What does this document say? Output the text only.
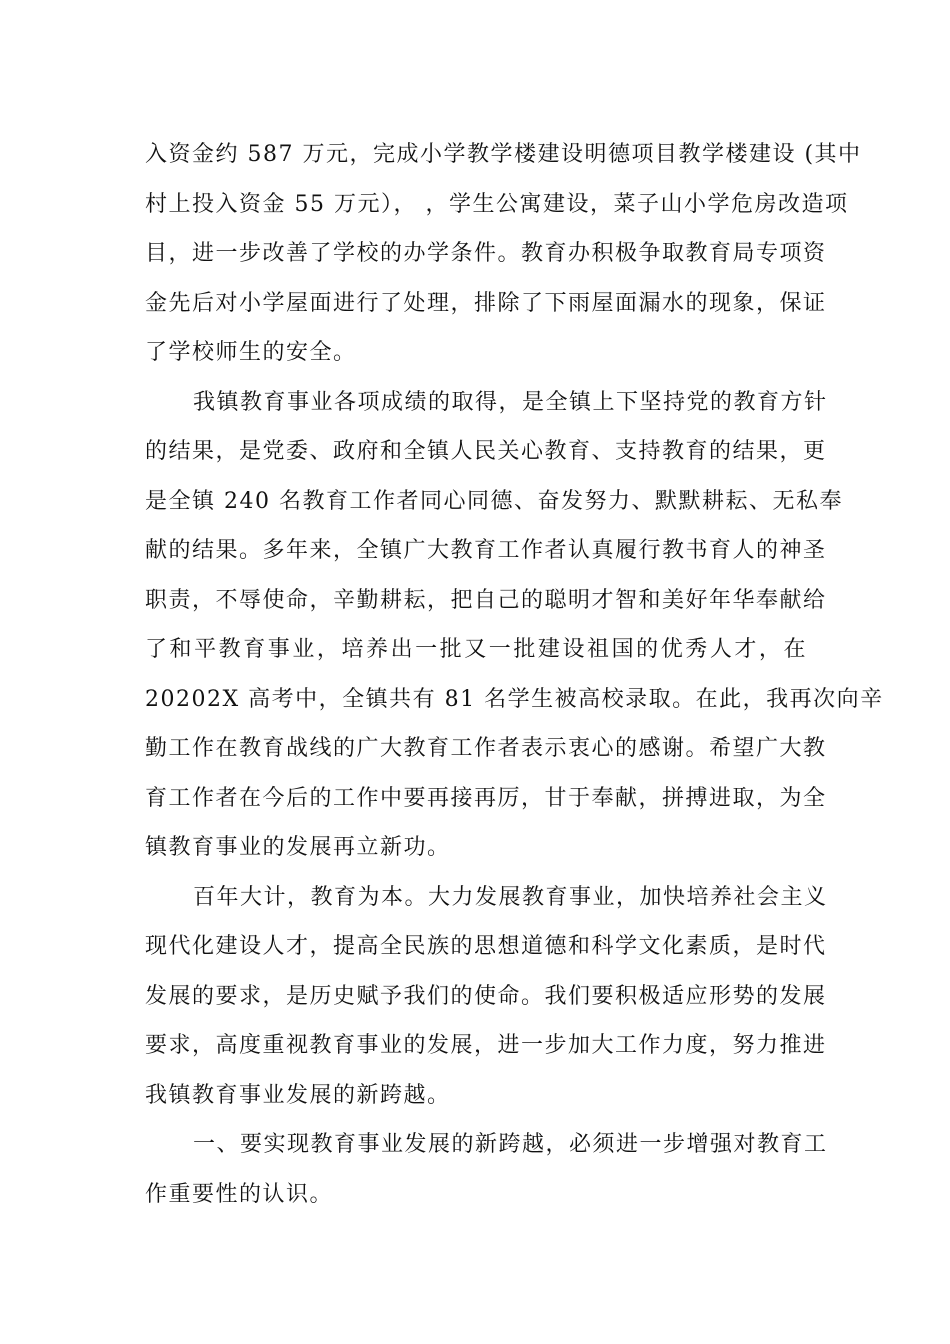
入资金约 587 万元，完成小学教学楼建设明德项目教学楼建设 (其中
村上投入资金 55 万元）， ，学生公寓建设，菜子山小学危房改造项
目，进一步改善了学校的办学条件。教育办积极争取教育局专项资
金先后对小学屋面进行了处理，排除了下雨屋面漏水的现象，保证
了学校师生的安全。
我镇教育事业各项成绩的取得，是全镇上下坚持党的教育方针
的结果，是党委、政府和全镇人民关心教育、支持教育的结果，更
是全镇 240 名教育工作者同心同德、奋发努力、默默耕耘、无私奉
献的结果。多年来，全镇广大教育工作者认真履行教书育人的神圣
职责，不辱使命，辛勤耕耘，把自己的聪明才智和美好年华奉献给
了和平教育事业，培养出一批又一批建设祖国的优秀人才，在
20202X 高考中，全镇共有 81 名学生被高校录取。在此，我再次向辛
勤工作在教育战线的广大教育工作者表示衷心的感谢。希望广大教
育工作者在今后的工作中要再接再厉，甘于奉献，拼搏进取，为全
镇教育事业的发展再立新功。
百年大计，教育为本。大力发展教育事业，加快培养社会主义
现代化建设人才，提高全民族的思想道德和科学文化素质，是时代
发展的要求，是历史赋予我们的使命。我们要积极适应形势的发展
要求，高度重视教育事业的发展，进一步加大工作力度，努力推进
我镇教育事业发展的新跨越。
一、要实现教育事业发展的新跨越，必须进一步增强对教育工
作重要性的认识。
